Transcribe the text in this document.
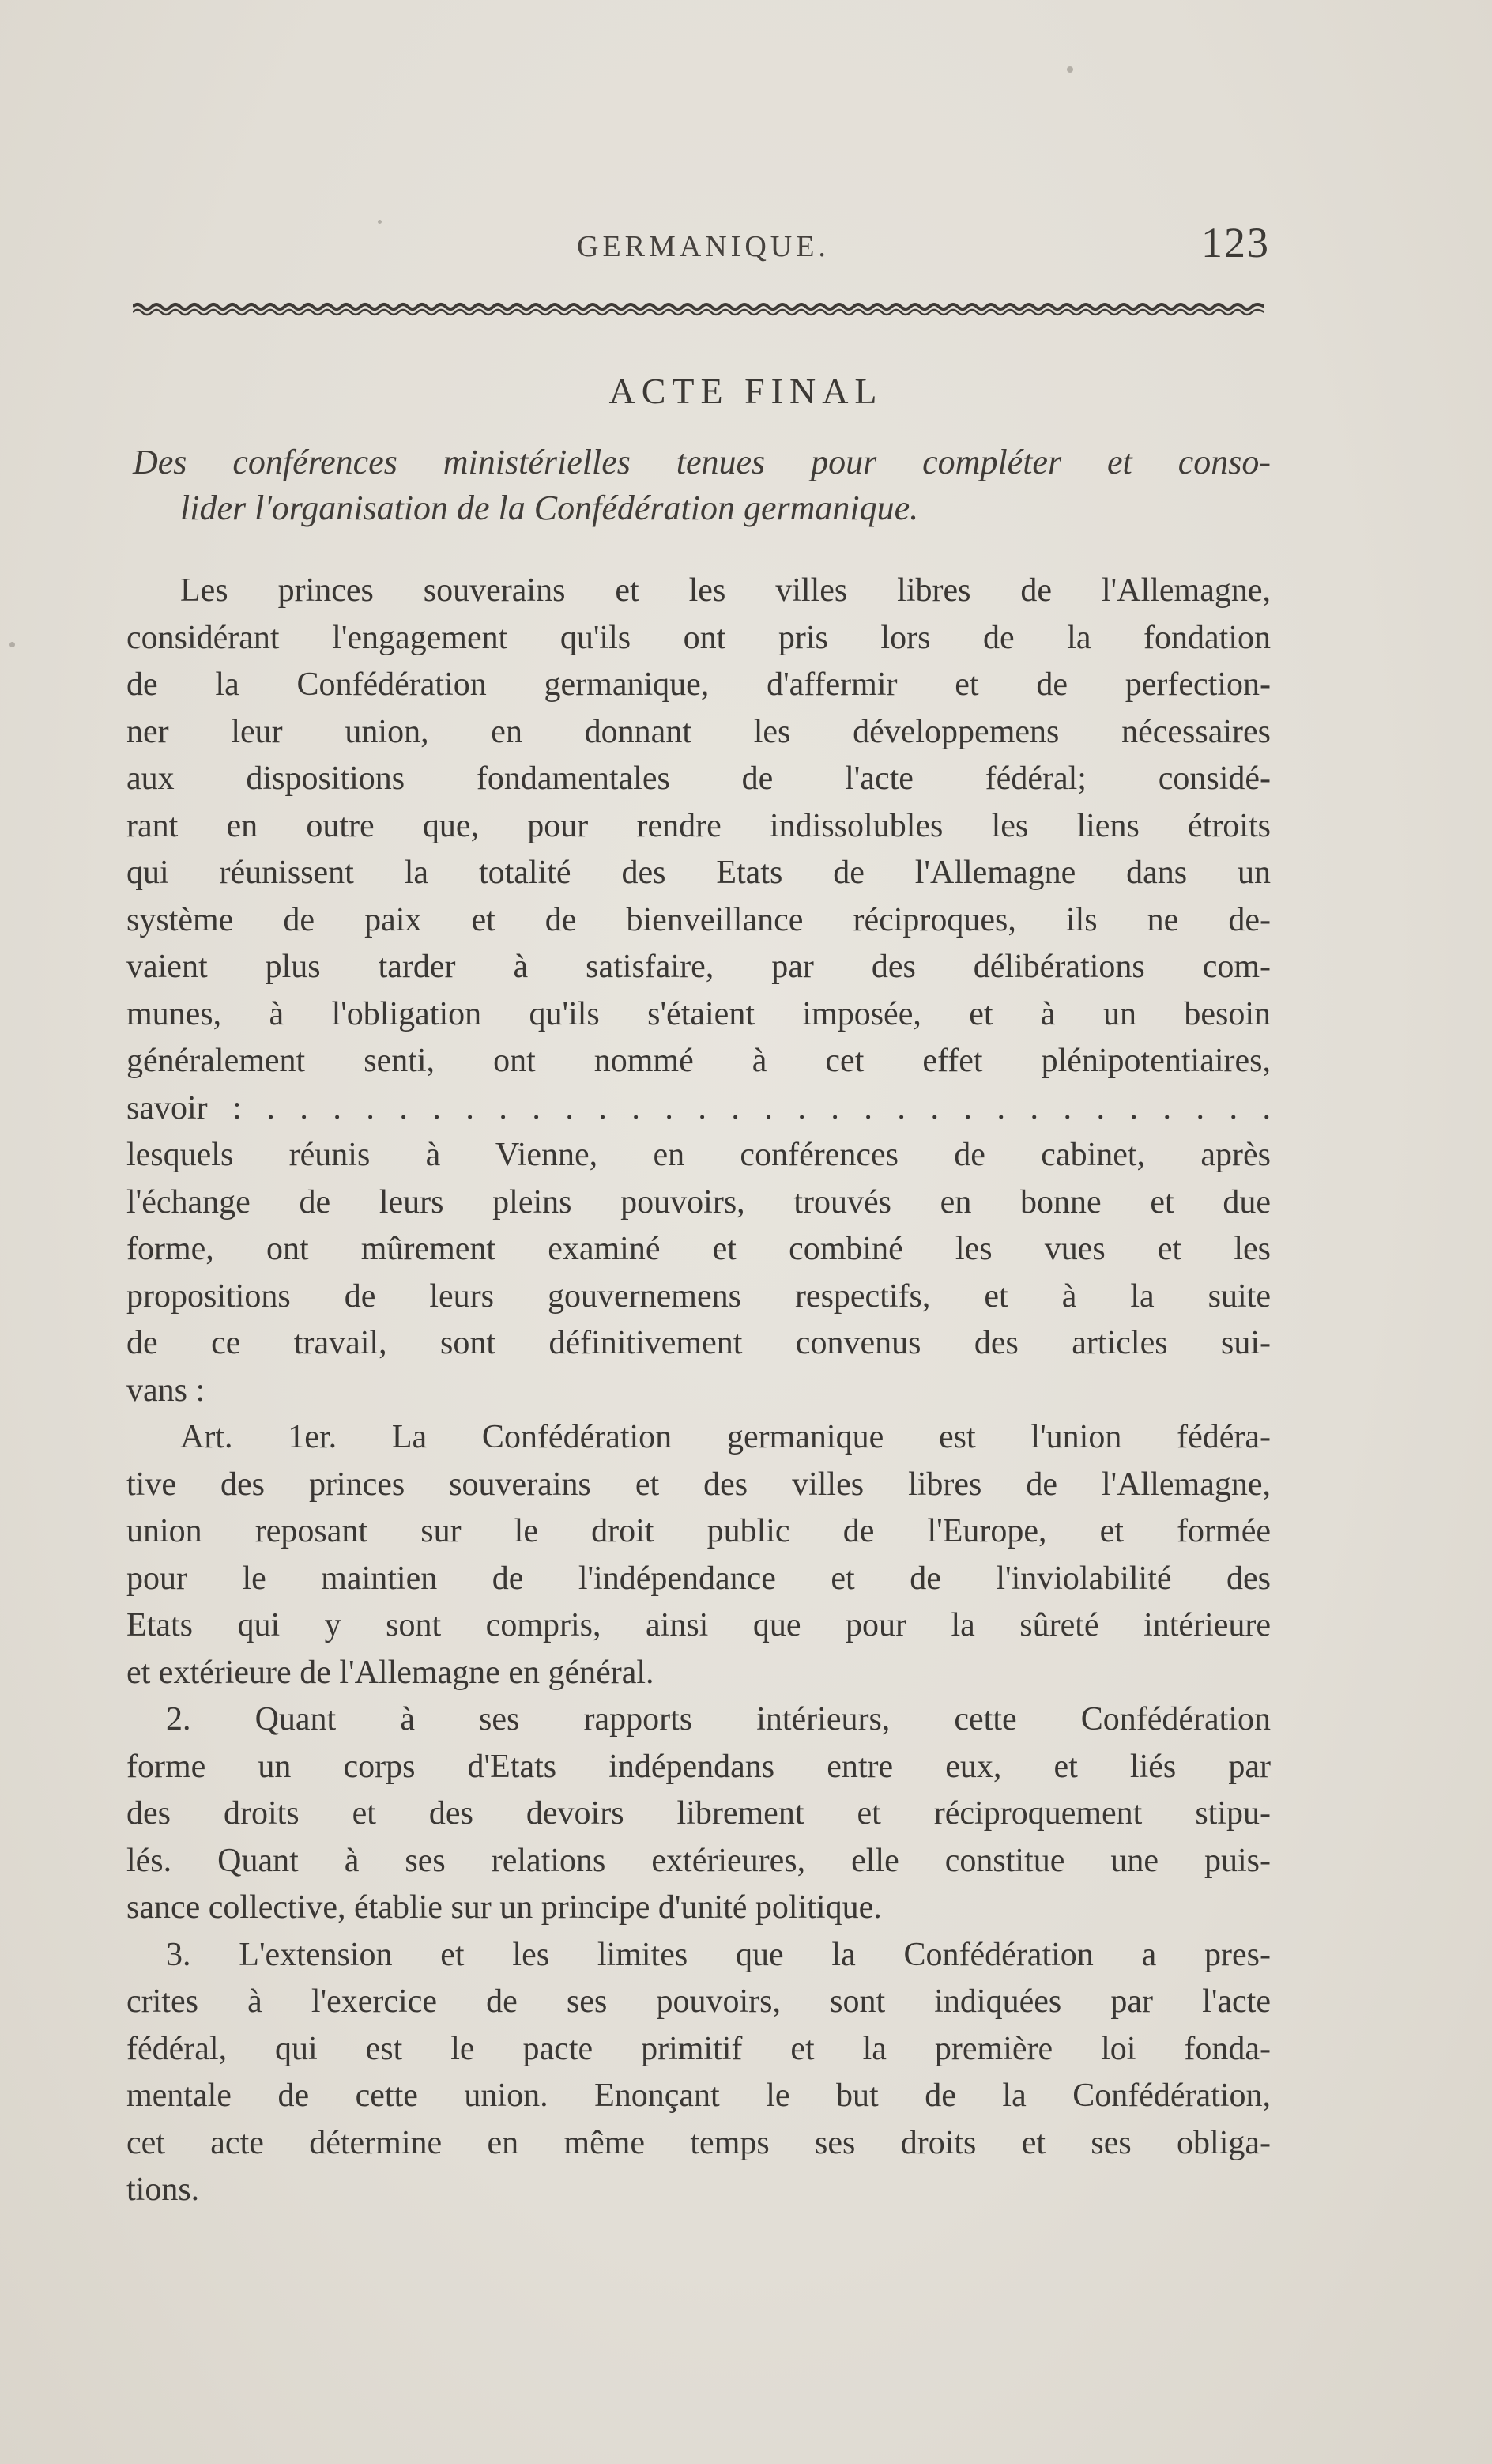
GERMANIQUE.	123
ACTE FINAL
Des conférences ministérielles tenues pour compléter et conso-
lider l'organisation de la Confédération germanique.
Les princes souverains et les villes libres de l'Allemagne,
considérant l'engagement qu'ils ont pris lors de la fondation
de la Confédération germanique, d'affermir et de perfection-
ner leur union, en donnant les développemens nécessaires
aux dispositions fondamentales de l'acte fédéral; considé-
rant en outre que, pour rendre indissolubles les liens étroits
qui réunissent la totalité des Etats de l'Allemagne dans un
système de paix et de bienveillance réciproques, ils ne de-
vaient plus tarder à satisfaire, par des délibérations com-
munes, à l'obligation qu'ils s'étaient imposée, et à un besoin
généralement senti, ont nommé à cet effet plénipotentiaires,
savoir : . . . . . . . . . . . . . . . . . . . . . . . . . . . . . . .
lesquels réunis à Vienne, en conférences de cabinet, après
l'échange de leurs pleins pouvoirs, trouvés en bonne et due
forme, ont mûrement examiné et combiné les vues et les
propositions de leurs gouvernemens respectifs, et à la suite
de ce travail, sont définitivement convenus des articles sui-
vans :
Art. 1er. La Confédération germanique est l'union fédéra-
tive des princes souverains et des villes libres de l'Allemagne,
union reposant sur le droit public de l'Europe, et formée
pour le maintien de l'indépendance et de l'inviolabilité des
Etats qui y sont compris, ainsi que pour la sûreté intérieure
et extérieure de l'Allemagne en général.
2. Quant à ses rapports intérieurs, cette Confédération
forme un corps d'Etats indépendans entre eux, et liés par
des droits et des devoirs librement et réciproquement stipu-
lés. Quant à ses relations extérieures, elle constitue une puis-
sance collective, établie sur un principe d'unité politique.
3. L'extension et les limites que la Confédération a pres-
crites à l'exercice de ses pouvoirs, sont indiquées par l'acte
fédéral, qui est le pacte primitif et la première loi fonda-
mentale de cette union. Enonçant le but de la Confédération,
cet acte détermine en même temps ses droits et ses obliga-
tions.
